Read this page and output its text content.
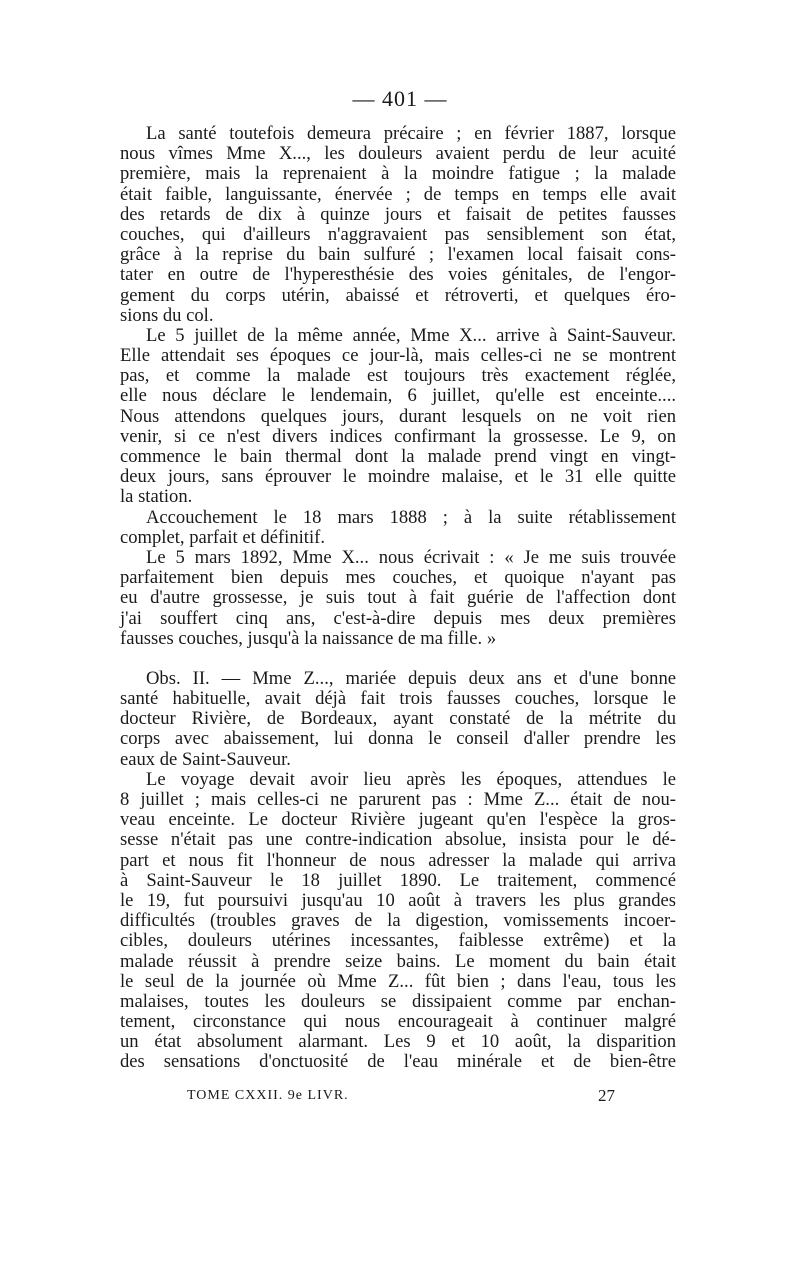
— 401 —
La santé toutefois demeura précaire ; en février 1887, lorsque
nous vîmes Mme X..., les douleurs avaient perdu de leur acuité
première, mais la reprenaient à la moindre fatigue ; la malade
était faible, languissante, énervée ; de temps en temps elle avait
des retards de dix à quinze jours et faisait de petites fausses
couches, qui d'ailleurs n'aggravaient pas sensiblement son état,
grâce à la reprise du bain sulfuré ; l'examen local faisait cons-
tater en outre de l'hyperesthésie des voies génitales, de l'engor-
gement du corps utérin, abaissé et rétroverti, et quelques éro-
sions du col.
Le 5 juillet de la même année, Mme X... arrive à Saint-Sauveur.
Elle attendait ses époques ce jour-là, mais celles-ci ne se montrent
pas, et comme la malade est toujours très exactement réglée,
elle nous déclare le lendemain, 6 juillet, qu'elle est enceinte....
Nous attendons quelques jours, durant lesquels on ne voit rien
venir, si ce n'est divers indices confirmant la grossesse. Le 9, on
commence le bain thermal dont la malade prend vingt en vingt-
deux jours, sans éprouver le moindre malaise, et le 31 elle quitte
la station.
Accouchement le 18 mars 1888 ; à la suite rétablissement
complet, parfait et définitif.
Le 5 mars 1892, Mme X... nous écrivait : « Je me suis trouvée
parfaitement bien depuis mes couches, et quoique n'ayant pas
eu d'autre grossesse, je suis tout à fait guérie de l'affection dont
j'ai souffert cinq ans, c'est-à-dire depuis mes deux premières
fausses couches, jusqu'à la naissance de ma fille. »
Obs. II. — Mme Z..., mariée depuis deux ans et d'une bonne
santé habituelle, avait déjà fait trois fausses couches, lorsque le
docteur Rivière, de Bordeaux, ayant constaté de la métrite du
corps avec abaissement, lui donna le conseil d'aller prendre les
eaux de Saint-Sauveur.
Le voyage devait avoir lieu après les époques, attendues le
8 juillet ; mais celles-ci ne parurent pas : Mme Z... était de nou-
veau enceinte. Le docteur Rivière jugeant qu'en l'espèce la gros-
sesse n'était pas une contre-indication absolue, insista pour le dé-
part et nous fit l'honneur de nous adresser la malade qui arriva
à Saint-Sauveur le 18 juillet 1890. Le traitement, commencé
le 19, fut poursuivi jusqu'au 10 août à travers les plus grandes
difficultés (troubles graves de la digestion, vomissements incoer-
cibles, douleurs utérines incessantes, faiblesse extrême) et la
malade réussit à prendre seize bains. Le moment du bain était
le seul de la journée où Mme Z... fût bien ; dans l'eau, tous les
malaises, toutes les douleurs se dissipaient comme par enchan-
tement, circonstance qui nous encourageait à continuer malgré
un état absolument alarmant. Les 9 et 10 août, la disparition
des sensations d'onctuosité de l'eau minérale et de bien-être
TOME CXXII. 9e LIVR.	27
